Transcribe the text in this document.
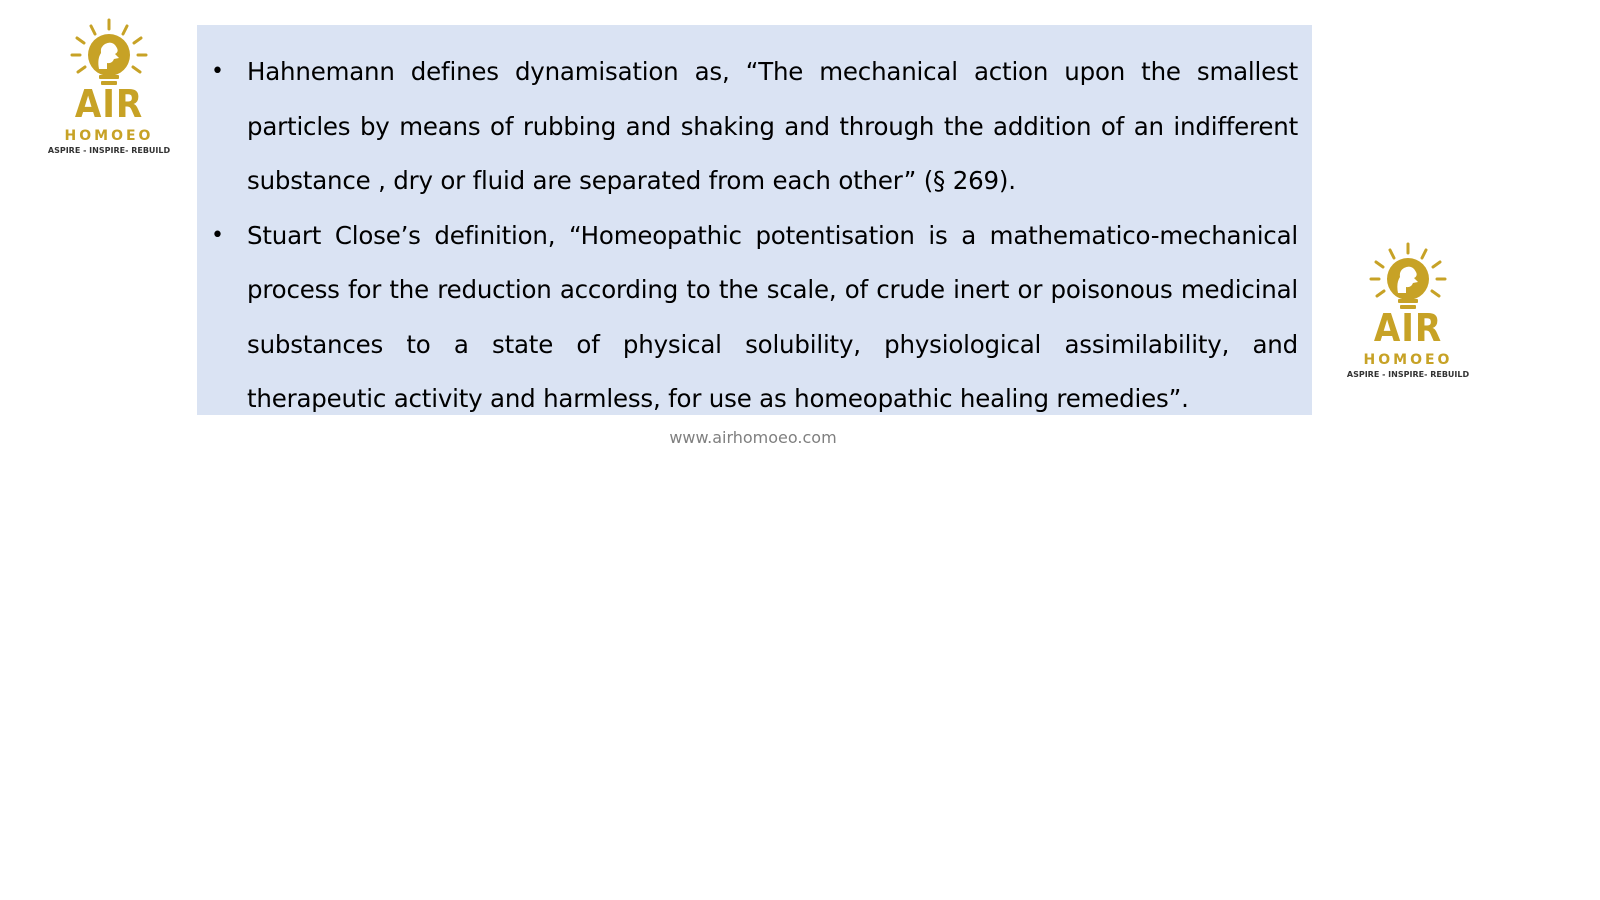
AIR
HOMOEO
ASPIRE - INSPIRE- REBUILD
• Hahnemann defines dynamisation as, “The mechanical action upon the smallest particles by means of rubbing and shaking and through the addition of an indifferent substance , dry or fluid are separated from each other” (§ 269).
• Stuart Close’s definition, “Homeopathic potentisation is a mathematico-mechanical process for the reduction according to the scale, of crude inert or poisonous medicinal substances to a state of physical solubility, physiological assimilability, and therapeutic activity and harmless, for use as homeopathic healing remedies”.
AIR
HOMOEO
ASPIRE - INSPIRE- REBUILD
www.airhomoeo.com
